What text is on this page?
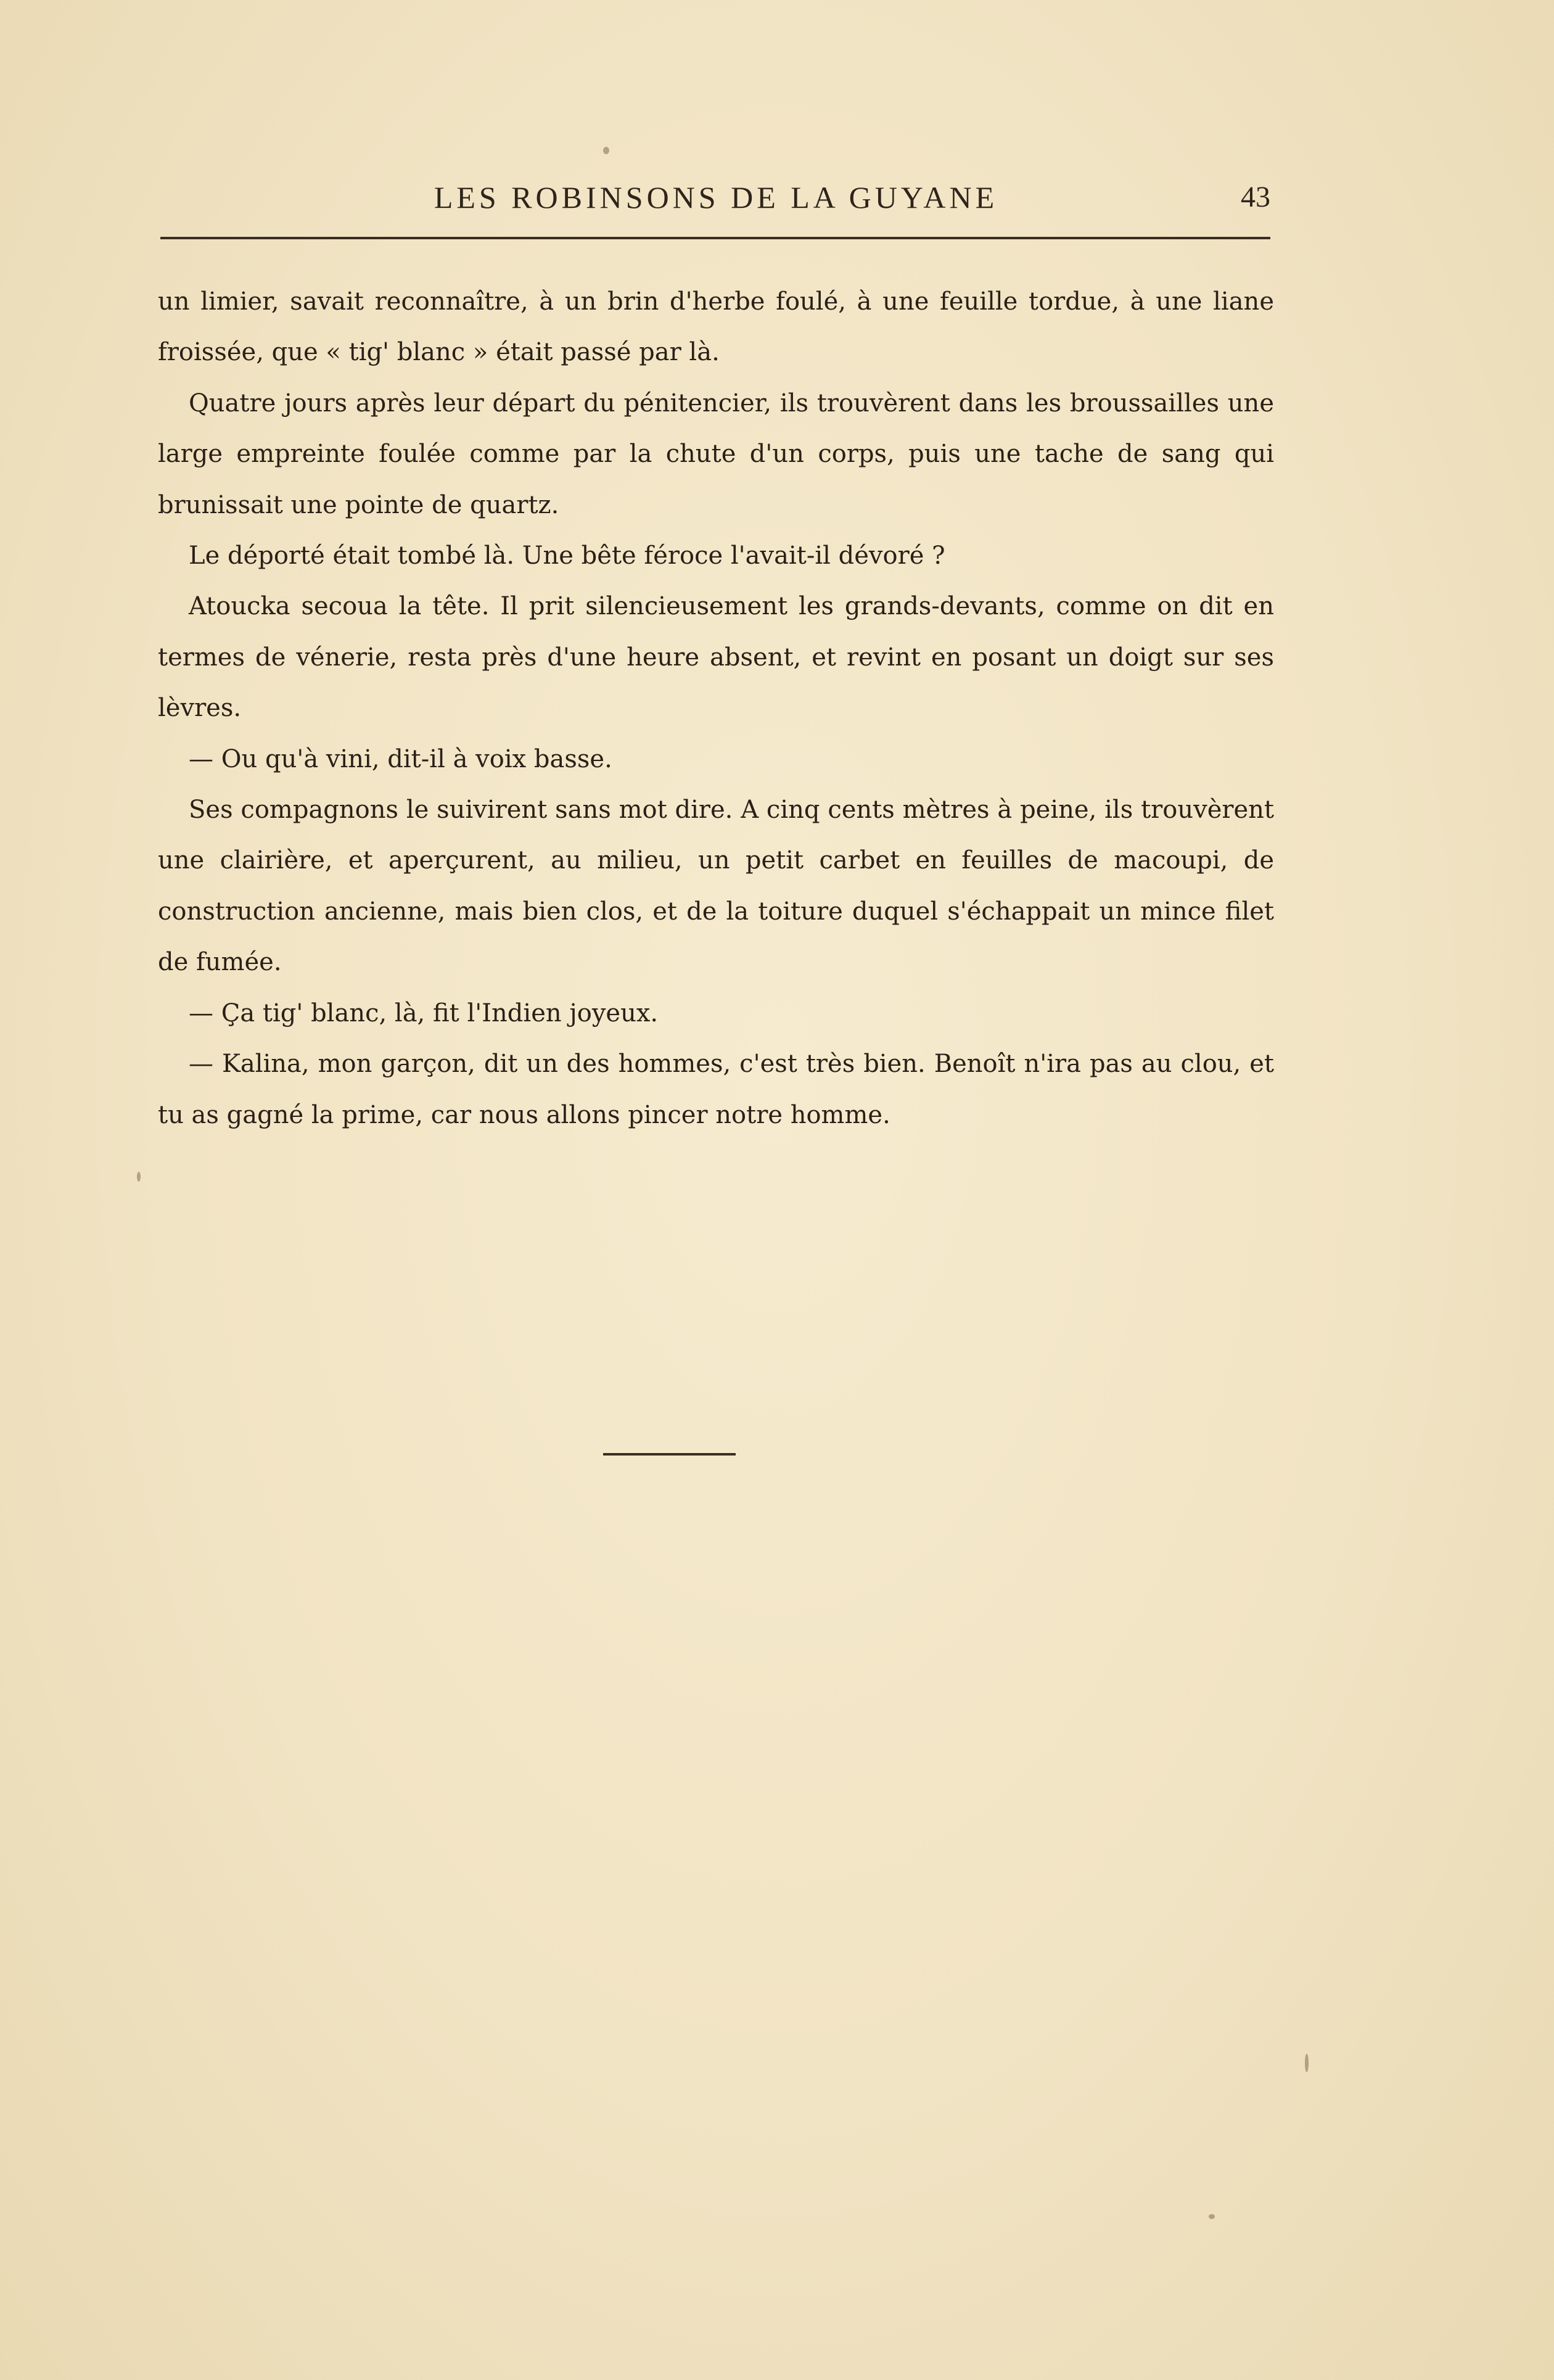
LES ROBINSONS DE LA GUYANE	43

un limier, savait reconnaître, à un brin d'herbe foulé, à une feuille tordue, à une liane froissée, que « tig' blanc » était passé par là.

Quatre jours après leur départ du pénitencier, ils trouvèrent dans les broussailles une large empreinte foulée comme par la chute d'un corps, puis une tache de sang qui brunissait une pointe de quartz.

Le déporté était tombé là. Une bête féroce l'avait-il dévoré ?

Atoucka secoua la tête. Il prit silencieusement les grands-devants, comme on dit en termes de vénerie, resta près d'une heure absent, et revint en posant un doigt sur ses lèvres.

— Ou qu'à vini, dit-il à voix basse.

Ses compagnons le suivirent sans mot dire. A cinq cents mètres à peine, ils trouvèrent une clairière, et aperçurent, au milieu, un petit carbet en feuilles de macoupi, de construction ancienne, mais bien clos, et de la toiture duquel s'échappait un mince filet de fumée.

— Ça tig' blanc, là, fit l'Indien joyeux.

— Kalina, mon garçon, dit un des hommes, c'est très bien. Benoît n'ira pas au clou, et tu as gagné la prime, car nous allons pincer notre homme.
